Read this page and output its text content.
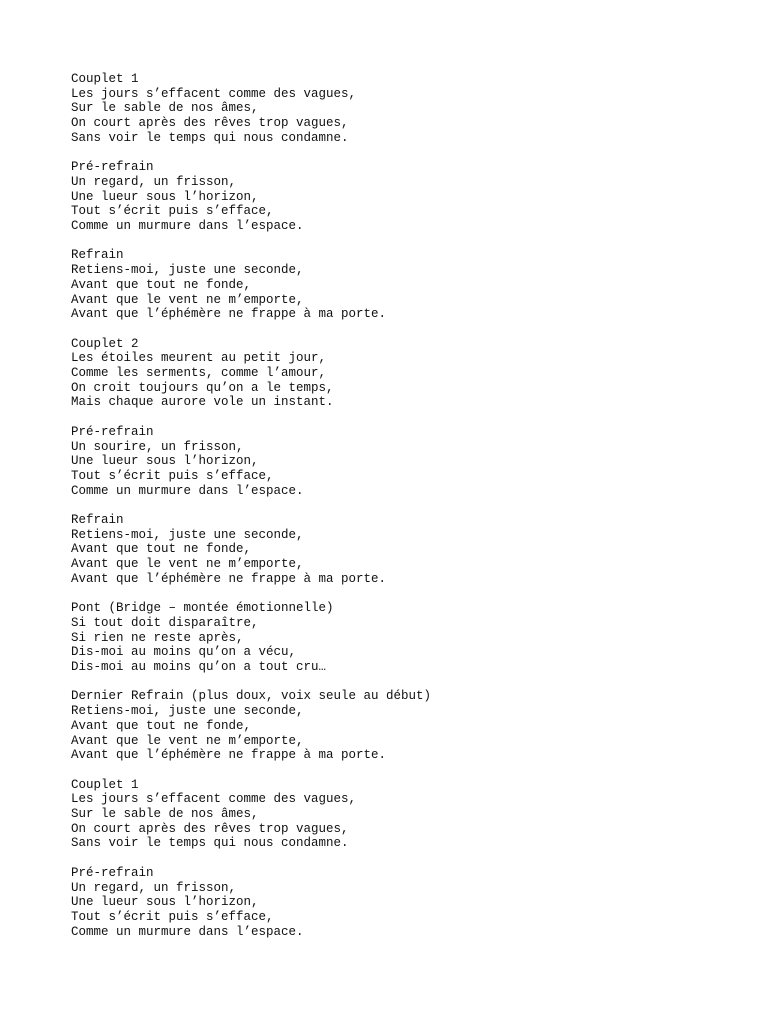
Couplet 1
Les jours s’effacent comme des vagues,
Sur le sable de nos âmes,
On court après des rêves trop vagues,
Sans voir le temps qui nous condamne.
Pré-refrain
Un regard, un frisson,
Une lueur sous l’horizon,
Tout s’écrit puis s’efface,
Comme un murmure dans l’espace.
Refrain
Retiens-moi, juste une seconde,
Avant que tout ne fonde,
Avant que le vent ne m’emporte,
Avant que l’éphémère ne frappe à ma porte.
Couplet 2
Les étoiles meurent au petit jour,
Comme les serments, comme l’amour,
On croit toujours qu’on a le temps,
Mais chaque aurore vole un instant.
Pré-refrain
Un sourire, un frisson,
Une lueur sous l’horizon,
Tout s’écrit puis s’efface,
Comme un murmure dans l’espace.
Refrain
Retiens-moi, juste une seconde,
Avant que tout ne fonde,
Avant que le vent ne m’emporte,
Avant que l’éphémère ne frappe à ma porte.
Pont (Bridge – montée émotionnelle)
Si tout doit disparaître,
Si rien ne reste après,
Dis-moi au moins qu’on a vécu,
Dis-moi au moins qu’on a tout cru…
Dernier Refrain (plus doux, voix seule au début)
Retiens-moi, juste une seconde,
Avant que tout ne fonde,
Avant que le vent ne m’emporte,
Avant que l’éphémère ne frappe à ma porte.
Couplet 1
Les jours s’effacent comme des vagues,
Sur le sable de nos âmes,
On court après des rêves trop vagues,
Sans voir le temps qui nous condamne.
Pré-refrain
Un regard, un frisson,
Une lueur sous l’horizon,
Tout s’écrit puis s’efface,
Comme un murmure dans l’espace.
